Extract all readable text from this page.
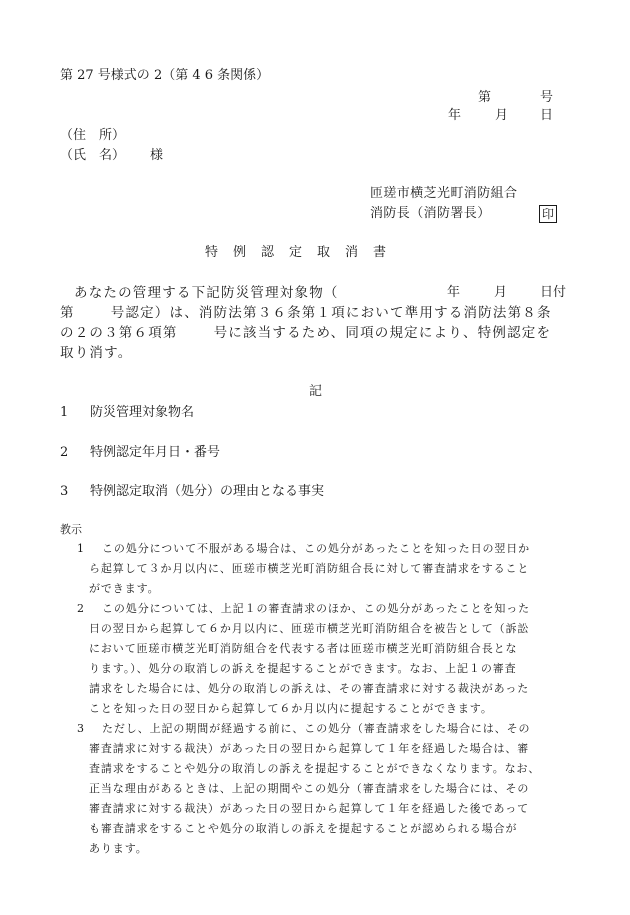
第 27 号様式の 2（第 4 6 条関係）
第	号
年	月 日
（住　所）
（氏　名） 様
匝瑳市横芝光町消防組合
消防長（消防署長）	印
特　例　認　定　取　消　書
あなたの管理する下記防災管理対象物（	年	月	日付
第	号認定）は、消防法第３６条第１項において準用する消防法第８条
の２の３第６項第	号に該当するため、同項の規定により、特例認定を
取り消す。
記
1 防災管理対象物名
2 特例認定年月日・番号
3 特例認定取消（処分）の理由となる事実
教示
1 この処分について不服がある場合は、この処分があったことを知った日の翌日か
ら起算して３か月以内に、匝瑳市横芝光町消防組合長に対して審査請求をすること
ができます。
2 この処分については、上記１の審査請求のほか、この処分があったことを知った
日の翌日から起算して６か月以内に、匝瑳市横芝光町消防組合を被告として（訴訟
において匝瑳市横芝光町消防組合を代表する者は匝瑳市横芝光町消防組合長とな
ります。）、処分の取消しの訴えを提起することができます。なお、上記１の審査
請求をした場合には、処分の取消しの訴えは、その審査請求に対する裁決があった
ことを知った日の翌日から起算して６か月以内に提起することができます。
3 ただし、上記の期間が経過する前に、この処分（審査請求をした場合には、その
審査請求に対する裁決）があった日の翌日から起算して１年を経過した場合は、審
査請求をすることや処分の取消しの訴えを提起することができなくなります。なお、
正当な理由があるときは、上記の期間やこの処分（審査請求をした場合には、その
審査請求に対する裁決）があった日の翌日から起算して１年を経過した後であって
も審査請求をすることや処分の取消しの訴えを提起することが認められる場合が
あります。
